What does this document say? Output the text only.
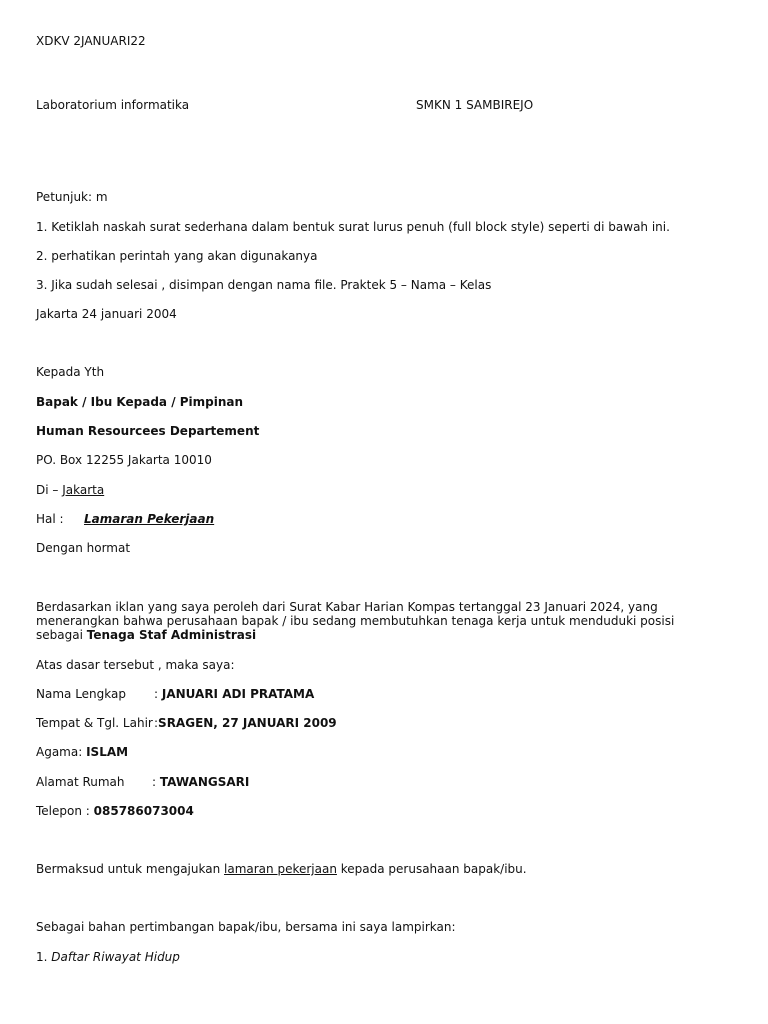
XDKV 2JANUARI22
Laboratorium informatika	SMKN 1 SAMBIREJO
Petunjuk: m
1. Ketiklah naskah surat sederhana dalam bentuk surat lurus penuh (full block style) seperti di bawah ini.
2. perhatikan perintah yang akan digunakanya
3. Jika sudah selesai , disimpan dengan nama file. Praktek 5 – Nama – Kelas
Jakarta 24 januari 2004
Kepada Yth
Bapak / Ibu Kepada / Pimpinan
Human Resourcees Departement
PO. Box 12255 Jakarta 10010
Di – Jakarta
Hal : Lamaran Pekerjaan
Dengan hormat
Berdasarkan iklan yang saya peroleh dari Surat Kabar Harian Kompas tertanggal 23 Januari 2024, yang menerangkan bahwa perusahaan bapak / ibu sedang membutuhkan tenaga kerja untuk menduduki posisi sebagai Tenaga Staf Administrasi
Atas dasar tersebut , maka saya:
Nama Lengkap : JANUARI ADI PRATAMA
Tempat & Tgl. Lahir :SRAGEN, 27 JANUARI 2009
Agama: ISLAM
Alamat Rumah : TAWANGSARI
Telepon : 085786073004
Bermaksud untuk mengajukan lamaran pekerjaan kepada perusahaan bapak/ibu.
Sebagai bahan pertimbangan bapak/ibu, bersama ini saya lampirkan:
1. Daftar Riwayat Hidup
